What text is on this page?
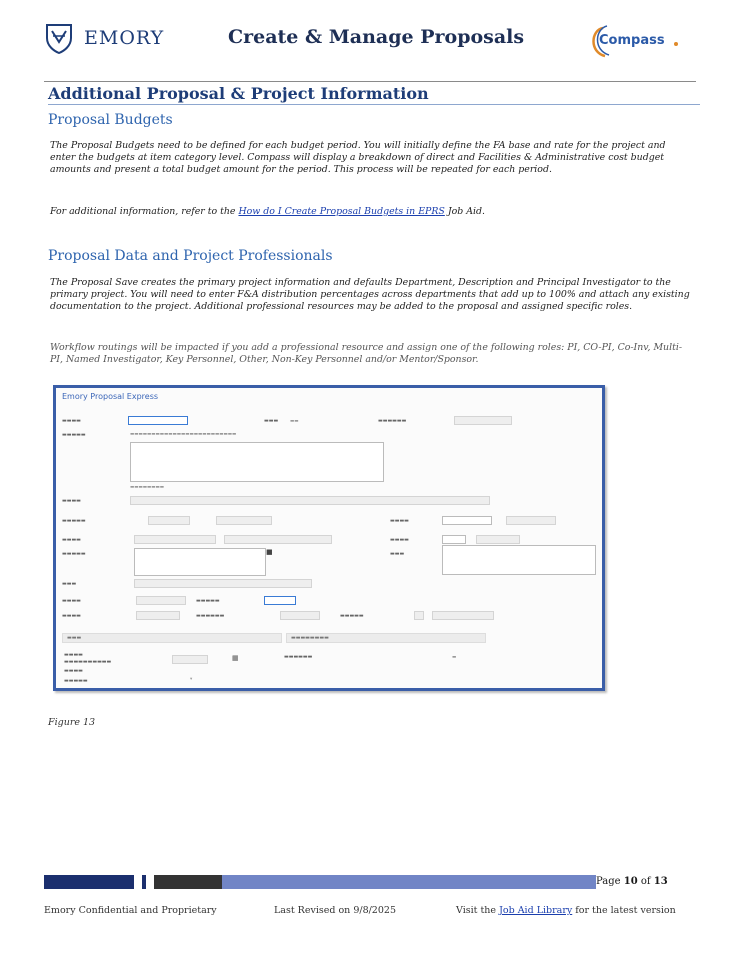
EMORY	Create & Manage Proposals	Compass
Additional Proposal & Project Information
Proposal Budgets
The Proposal Budgets need to be defined for each budget period. You will initially define the FA base and rate for the project and enter the budgets at item category level. Compass will display a breakdown of direct and Facilities & Administrative cost budget amounts and present a total budget amount for the period. This process will be repeated for each period.
For additional information, refer to the How do I Create Proposal Budgets in EPRS Job Aid.
Proposal Data and Project Professionals
The Proposal Save creates the primary project information and defaults Department, Description and Principal Investigator to the primary project. You will need to enter F&A distribution percentages across departments that add up to 100% and attach any existing documentation to the project. Additional professional resources may be added to the proposal and assigned specific roles.
Workflow routings will be impacted if you add a professional resource and assign one of the following roles: PI, CO-PI, Co-Inv, Multi-PI, Named Investigator, Key Personnel, Other, Non-Key Personnel and/or Mentor/Sponsor.
Emory Proposal Express
▬▬▬▬	▬▬▬	▬▬	▬▬▬▬▬▬
▬▬▬▬▬	▬▬▬▬▬▬▬▬▬▬▬▬▬▬▬▬▬▬▬▬▬▬▬▬▬
▬▬▬▬▬▬▬▬
▬▬▬▬
▬▬▬▬▬	▬▬▬▬
▬▬▬▬	▬▬▬▬
▬▬▬▬▬	■	▬▬▬
▬▬▬
▬▬▬▬	▬▬▬▬▬
▬▬▬▬	▬▬▬▬▬▬	▬▬▬▬▬
▬▬▬	▬▬▬▬▬▬▬▬
▬▬▬▬
▬▬▬▬▬▬▬▬▬▬	▦	▬▬▬▬▬▬	▬
▬▬▬▬
▬▬▬▬▬	▾
Figure 13
Page 10 of 13
Emory Confidential and Proprietary	Last Revised on 9/8/2025	Visit the Job Aid Library for the latest version
